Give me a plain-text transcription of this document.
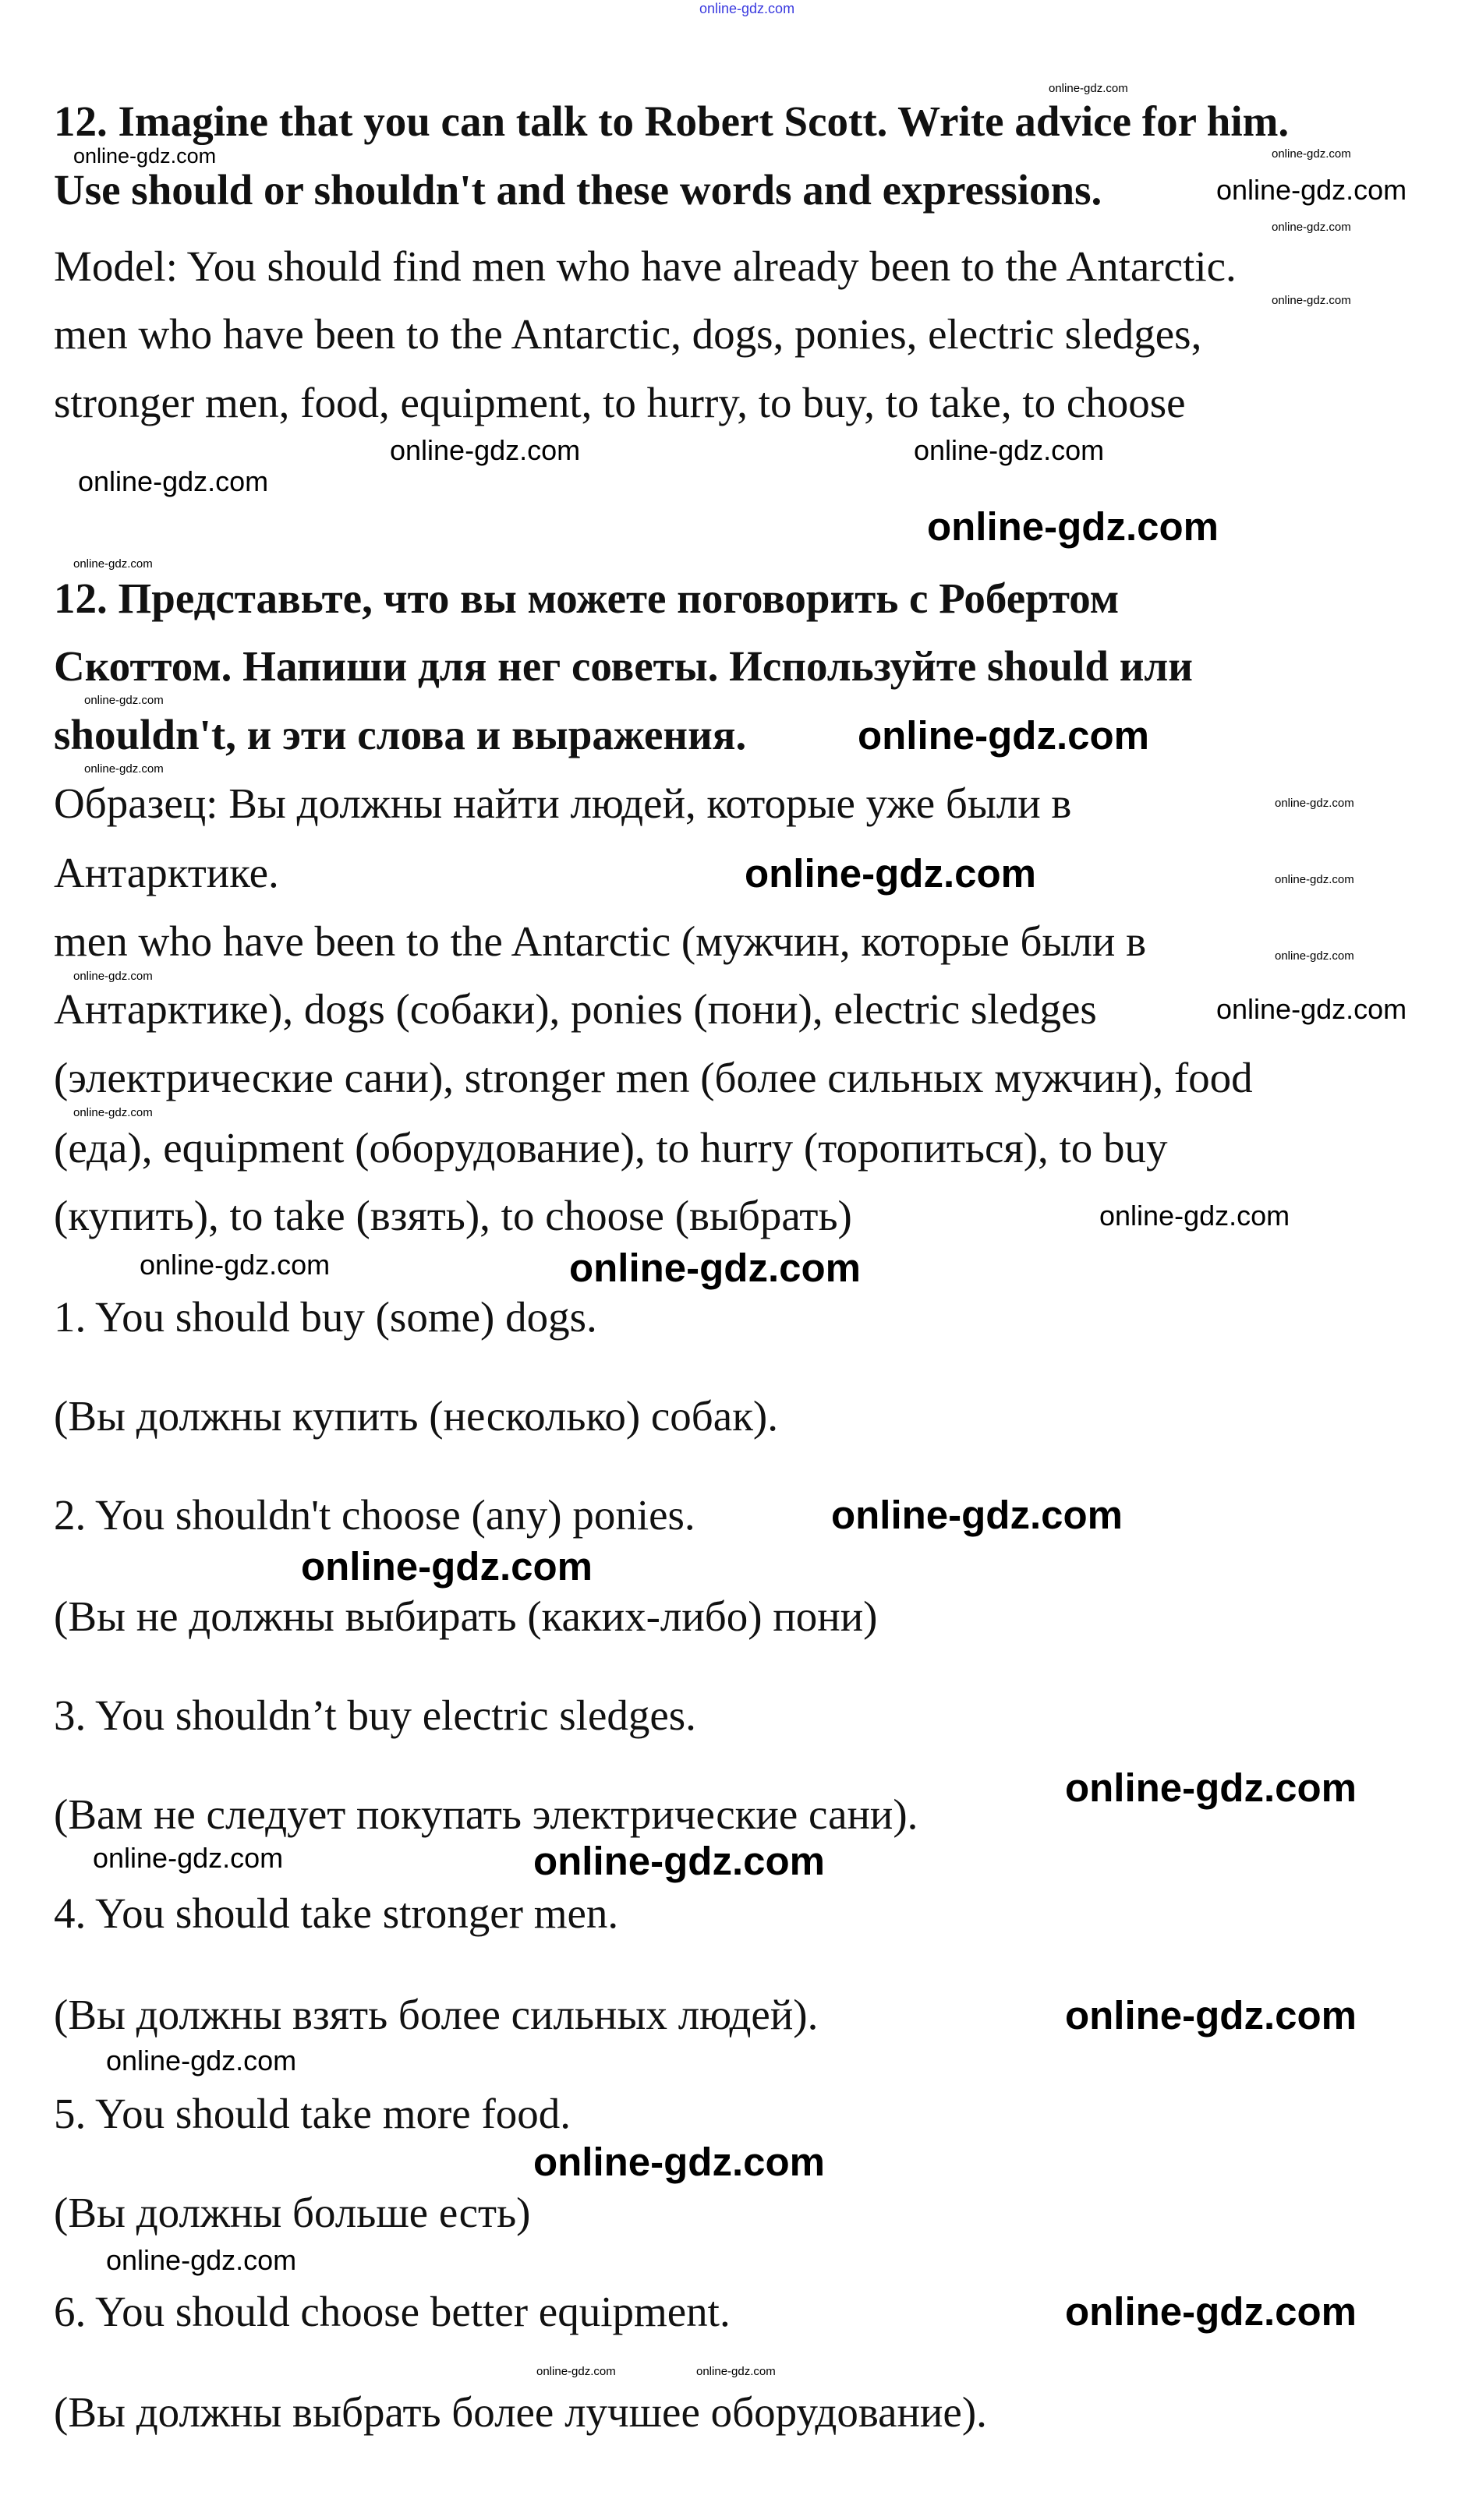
12. Imagine that you can talk to Robert Scott. Write advice for him.
Use should or shouldn't and these words and expressions.
Model: You should find men who have already been to the Antarctic.
men who have been to the Antarctic, dogs, ponies, electric sledges,
stronger men, food, equipment, to hurry, to buy, to take, to choose
12. Представьте, что вы можете поговорить с Робертом
Скоттом. Напиши для нег советы. Используйте should или
shouldn't, и эти слова и выражения.
Образец: Вы должны найти людей, которые уже были в
Антарктике.
men who have been to the Antarctic (мужчин, которые были в
Антарктике), dogs (собаки), ponies (пони), electric sledges
(электрические сани), stronger men (более сильных мужчин), food
(еда), equipment (оборудование), to hurry (торопиться), to buy
(купить), to take (взять), to choose (выбрать)
1. You should buy (some) dogs.
(Вы должны купить (несколько) собак).
2. You shouldn't choose (any) ponies.
(Вы не должны выбирать (каких-либо) пони)
3. You shouldn’t buy electric sledges.
(Вам не следует покупать электрические сани).
4. You should take stronger men.
(Вы должны взять более сильных людей).
5. You should take more food.
(Вы должны больше есть)
6. You should choose better equipment.
(Вы должны выбрать более лучшее оборудование).
online-gdz.com
online-gdz.com
online-gdz.com
online-gdz.com
online-gdz.com
online-gdz.com
online-gdz.com
online-gdz.com
online-gdz.com
online-gdz.com
online-gdz.com
online-gdz.com
online-gdz.com
online-gdz.com
online-gdz.com
online-gdz.com
online-gdz.com
online-gdz.com
online-gdz.com
online-gdz.com
online-gdz.com
online-gdz.com
online-gdz.com
online-gdz.com	online-gdz.com
online-gdz.com
online-gdz.com
online-gdz.com
online-gdz.com	online-gdz.com
online-gdz.com
online-gdz.com
online-gdz.com
online-gdz.com
online-gdz.com
online-gdz.com	online-gdz.com
